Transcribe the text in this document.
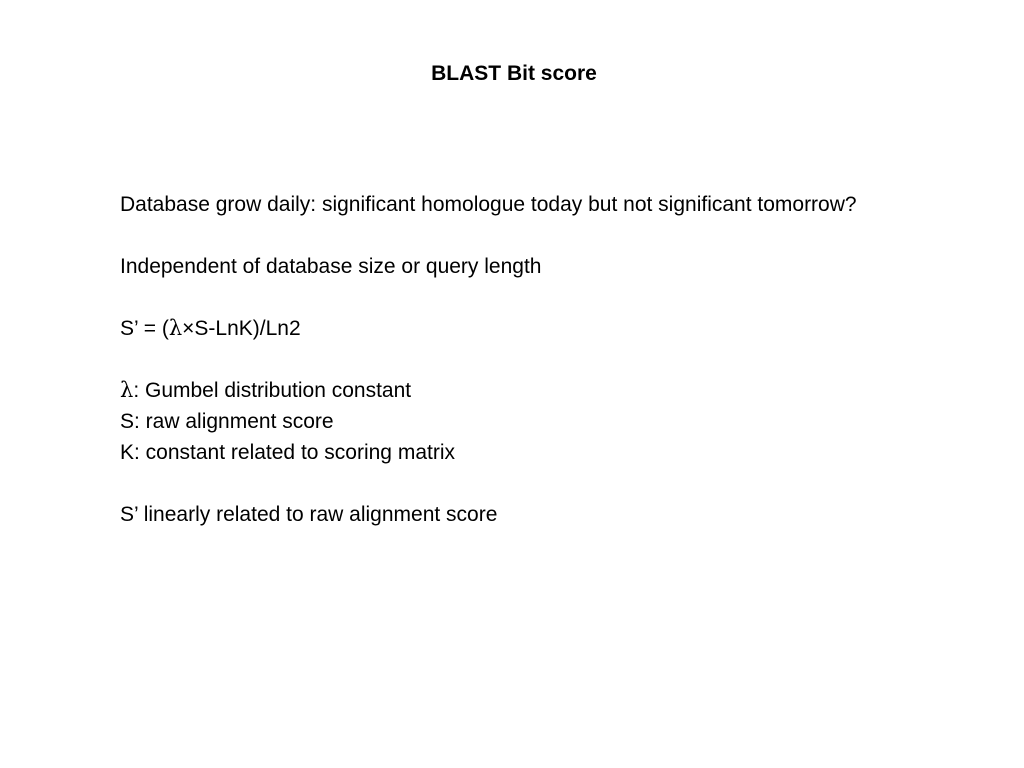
BLAST Bit score

Database grow daily: significant homologue today but not significant tomorrow?

Independent of database size or query length

S’ = (λ×S-LnK)/Ln2

λ: Gumbel distribution constant

S: raw alignment score

K: constant related to scoring matrix

S’ linearly related to raw alignment score
